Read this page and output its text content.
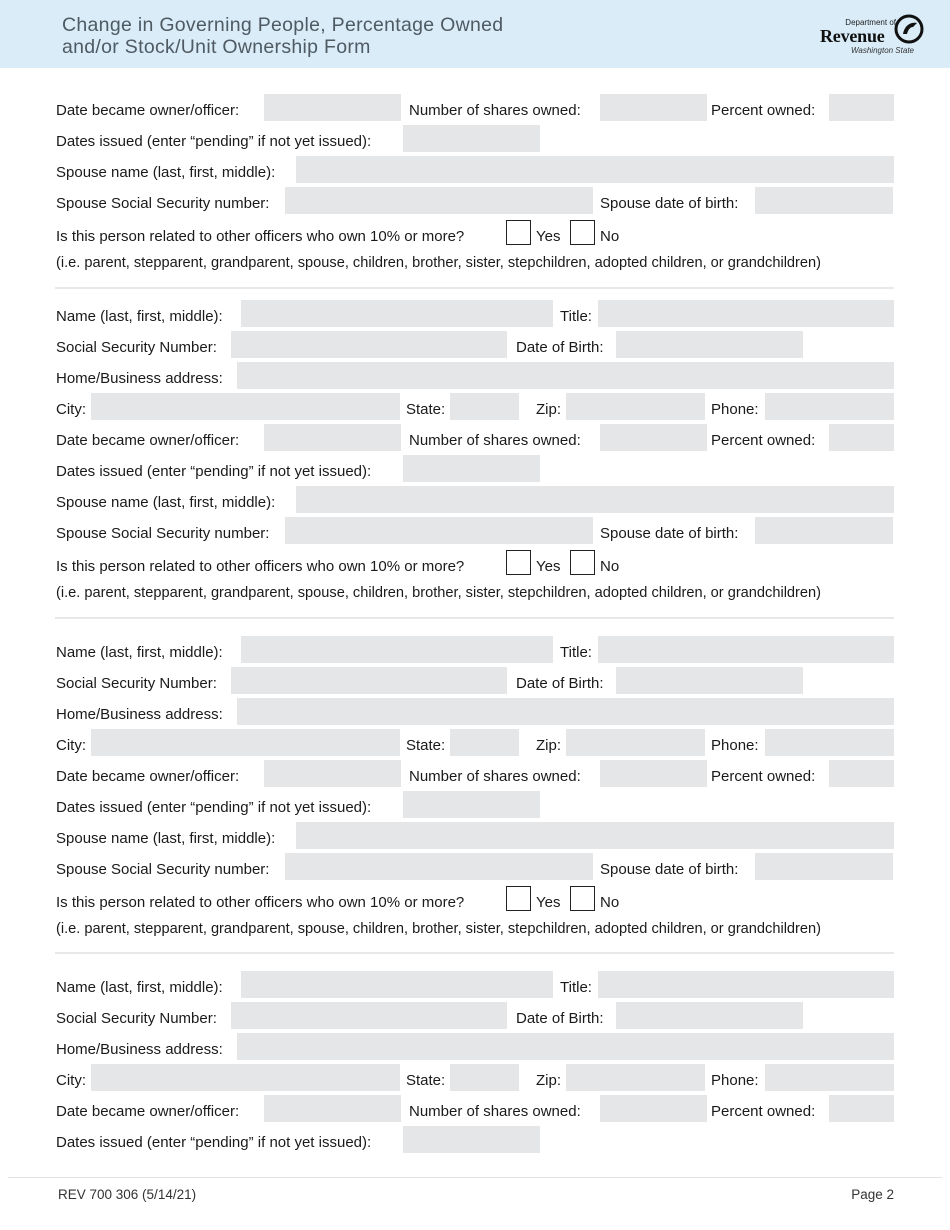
Change in Governing People, Percentage Owned
and/or Stock/Unit Ownership Form
Department of
Revenue
Washington State
Date became owner/officer:	Number of shares owned:	Percent owned:
Dates issued (enter “pending” if not yet issued):
Spouse name (last, first, middle):
Spouse Social Security number:	Spouse date of birth:
Is this person related to other officers who own 10% or more?	Yes	No
(i.e. parent, stepparent, grandparent, spouse, children, brother, sister, stepchildren, adopted children, or grandchildren)
Name (last, first, middle):	Title:
Social Security Number:	Date of Birth:
Home/Business address:
City:	State:	Zip:	Phone:
Date became owner/officer:	Number of shares owned:	Percent owned:
Dates issued (enter “pending” if not yet issued):
Spouse name (last, first, middle):
Spouse Social Security number:	Spouse date of birth:
Is this person related to other officers who own 10% or more?	Yes	No
(i.e. parent, stepparent, grandparent, spouse, children, brother, sister, stepchildren, adopted children, or grandchildren)
Name (last, first, middle):	Title:
Social Security Number:	Date of Birth:
Home/Business address:
City:	State:	Zip:	Phone:
Date became owner/officer:	Number of shares owned:	Percent owned:
Dates issued (enter “pending” if not yet issued):
Spouse name (last, first, middle):
Spouse Social Security number:	Spouse date of birth:
Is this person related to other officers who own 10% or more?	Yes	No
(i.e. parent, stepparent, grandparent, spouse, children, brother, sister, stepchildren, adopted children, or grandchildren)
Name (last, first, middle):	Title:
Social Security Number:	Date of Birth:
Home/Business address:
City:	State:	Zip:	Phone:
Date became owner/officer:	Number of shares owned:	Percent owned:
Dates issued (enter “pending” if not yet issued):
REV 700 306 (5/14/21)	Page 2
